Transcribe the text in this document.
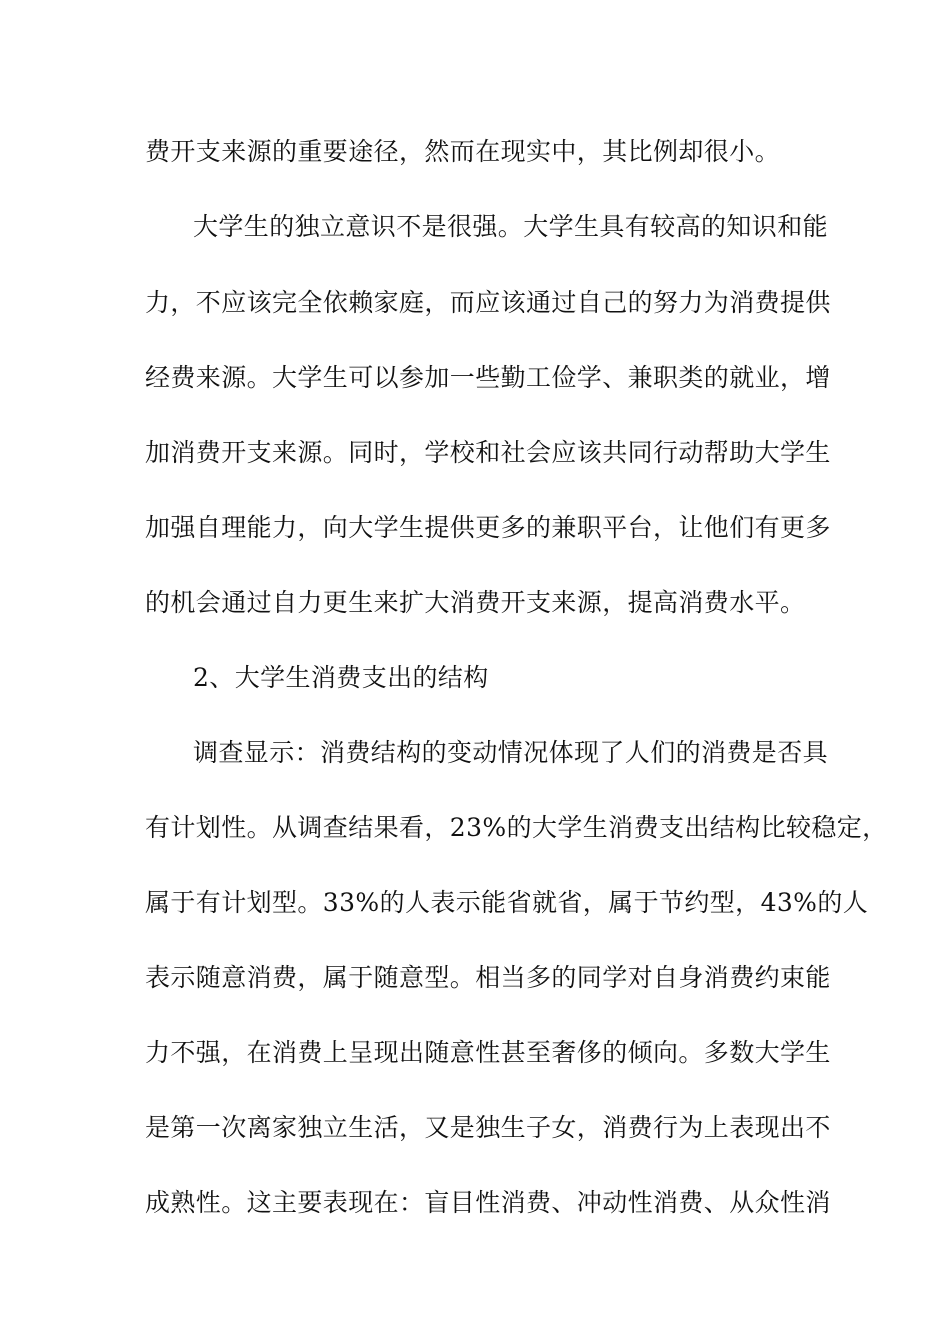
费开支来源的重要途径，然而在现实中，其比例却很小。
大学生的独立意识不是很强。大学生具有较高的知识和能
力，不应该完全依赖家庭，而应该通过自己的努力为消费提供
经费来源。大学生可以参加一些勤工俭学、兼职类的就业，增
加消费开支来源。同时，学校和社会应该共同行动帮助大学生
加强自理能力，向大学生提供更多的兼职平台，让他们有更多
的机会通过自力更生来扩大消费开支来源，提高消费水平。
2、大学生消费支出的结构
调查显示：消费结构的变动情况体现了人们的消费是否具
有计划性。从调查结果看，23%的大学生消费支出结构比较稳定，
属于有计划型。33%的人表示能省就省，属于节约型，43%的人
表示随意消费，属于随意型。相当多的同学对自身消费约束能
力不强，在消费上呈现出随意性甚至奢侈的倾向。多数大学生
是第一次离家独立生活，又是独生子女，消费行为上表现出不
成熟性。这主要表现在：盲目性消费、冲动性消费、从众性消
